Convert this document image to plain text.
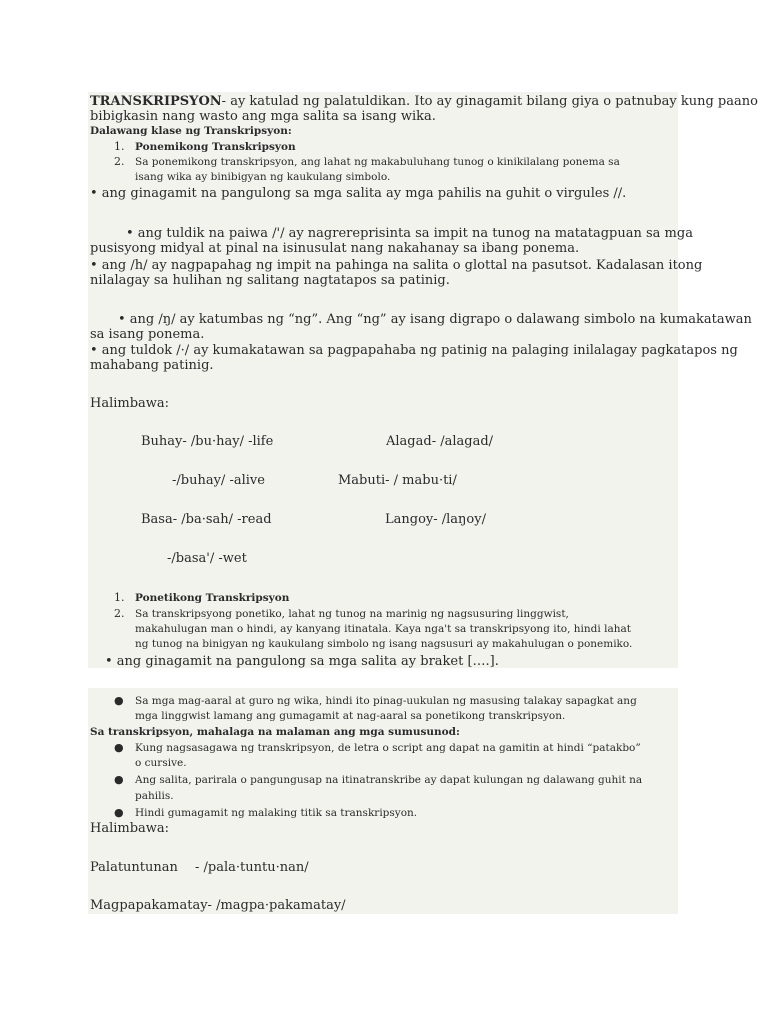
TRANSKRIPSYON- ay katulad ng palatuldikan. Ito ay ginagamit bilang giya o patnubay kung paano
bibigkasin nang wasto ang mga salita sa isang wika.
Dalawang klase ng Transkripsyon:
1. Ponemikong Transkripsyon
2. Sa ponemikong transkripsyon, ang lahat ng makabuluhang tunog o kinikilalang ponema sa
isang wika ay binibigyan ng kaukulang simbolo.
• ang ginagamit na pangulong sa mga salita ay mga pahilis na guhit o virgules //.
• ang tuldik na paiwa /'/ ay nagrereprisinta sa impit na tunog na matatagpuan sa mga
pusisyong midyal at pinal na isinusulat nang nakahanay sa ibang ponema.
• ang /h/ ay nagpapahag ng impit na pahinga na salita o glottal na pasutsot. Kadalasan itong
nilalagay sa hulihan ng salitang nagtatapos sa patinig.
• ang /ŋ/ ay katumbas ng “ng”. Ang “ng” ay isang digrapo o dalawang simbolo na kumakatawan
sa isang ponema.
• ang tuldok /·/ ay kumakatawan sa pagpapahaba ng patinig na palaging inilalagay pagkatapos ng
mahabang patinig.
Halimbawa:
Buhay- /bu·hay/ -life	Alagad- /alagad/
-/buhay/ -alive	Mabuti- / mabu·ti/
Basa- /ba·sah/ -read	Langoy- /laŋoy/
-/basa'/ -wet
1. Ponetikong Transkripsyon
2. Sa transkripsyong ponetiko, lahat ng tunog na marinig ng nagsusuring linggwist,
makahulugan man o hindi, ay kanyang itinatala. Kaya nga't sa transkripsyong ito, hindi lahat
ng tunog na binigyan ng kaukulang simbolo ng isang nagsusuri ay makahulugan o ponemiko.
• ang ginagamit na pangulong sa mga salita ay braket [….].
● Sa mga mag-aaral at guro ng wika, hindi ito pinag-uukulan ng masusing talakay sapagkat ang
mga linggwist lamang ang gumagamit at nag-aaral sa ponetikong transkripsyon.
Sa transkripsyon, mahalaga na malaman ang mga sumusunod:
● Kung nagsasagawa ng transkripsyon, de letra o script ang dapat na gamitin at hindi “patakbo”
o cursive.
● Ang salita, parirala o pangungusap na itinatranskribe ay dapat kulungan ng dalawang guhit na
pahilis.
● Hindi gumagamit ng malaking titik sa transkripsyon.
Halimbawa:
Palatuntunan - /pala·tuntu·nan/
Magpapakamatay- /magpa·pakamatay/
